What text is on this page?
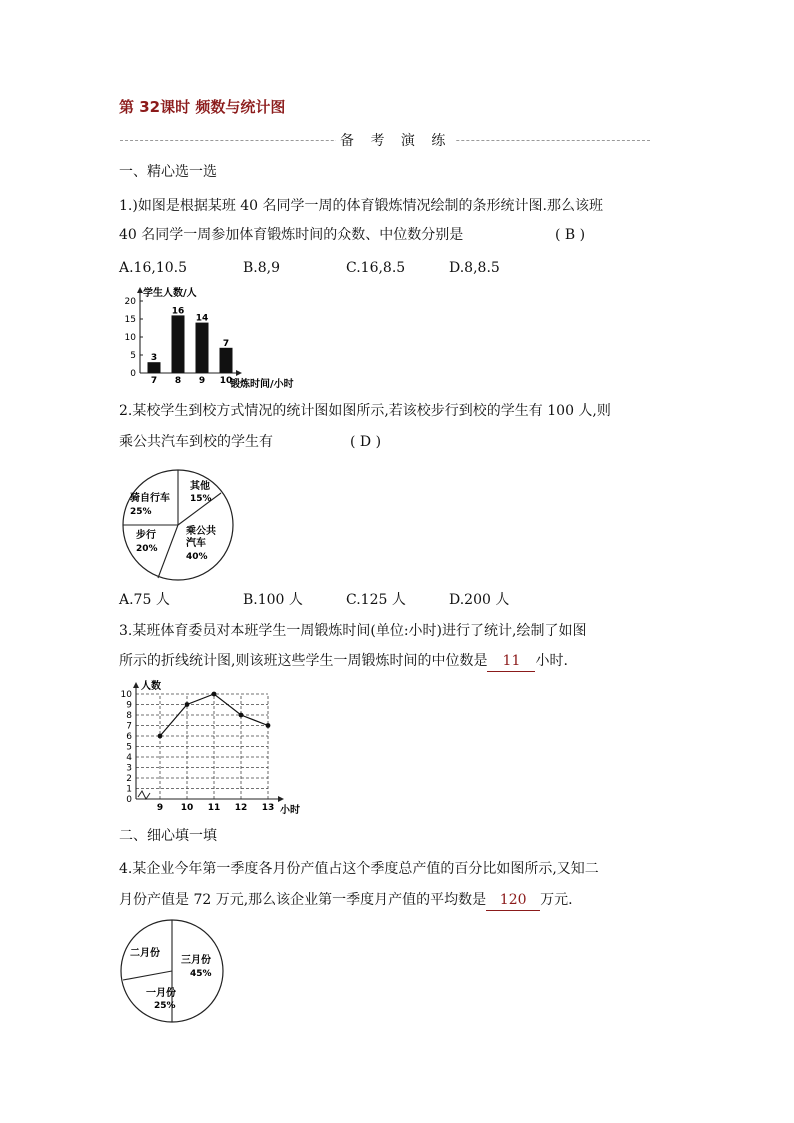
第 32课时 频数与统计图
备 考 演 练
一、精心选一选
1.)如图是根据某班 40 名同学一周的体育锻炼情况绘制的条形统计图.那么该班
40 名同学一周参加体育锻炼时间的众数、中位数分别是	( B )
A.16,10.5	B.8,9	C.16,8.5	D.8,8.5
0
5
10
15
20
学生人数/人
锻炼时间/小时
3
7
16
8
14
9
7
10
2.某校学生到校方式情况的统计图如图所示,若该校步行到校的学生有 100 人,则
乘公共汽车到校的学生有	( D )
其他
15%
骑自行车
25%
步行
20%
乘公共
汽车
40%
A.75 人	B.100 人	C.125 人	D.200 人
3.某班体育委员对本班学生一周锻炼时间(单位:小时)进行了统计,绘制了如图
所示的折线统计图,则该班这些学生一周锻炼时间的中位数是 11 小时.
0
1
2
3
4
5
6
7
8
9
10
9 10 11 12 13
人数
小时
二、细心填一填
4.某企业今年第一季度各月份产值占这个季度总产值的百分比如图所示,又知二
月份产值是 72 万元,那么该企业第一季度月产值的平均数是 120 万元.
二月份
三月份
45%
一月份
25%
